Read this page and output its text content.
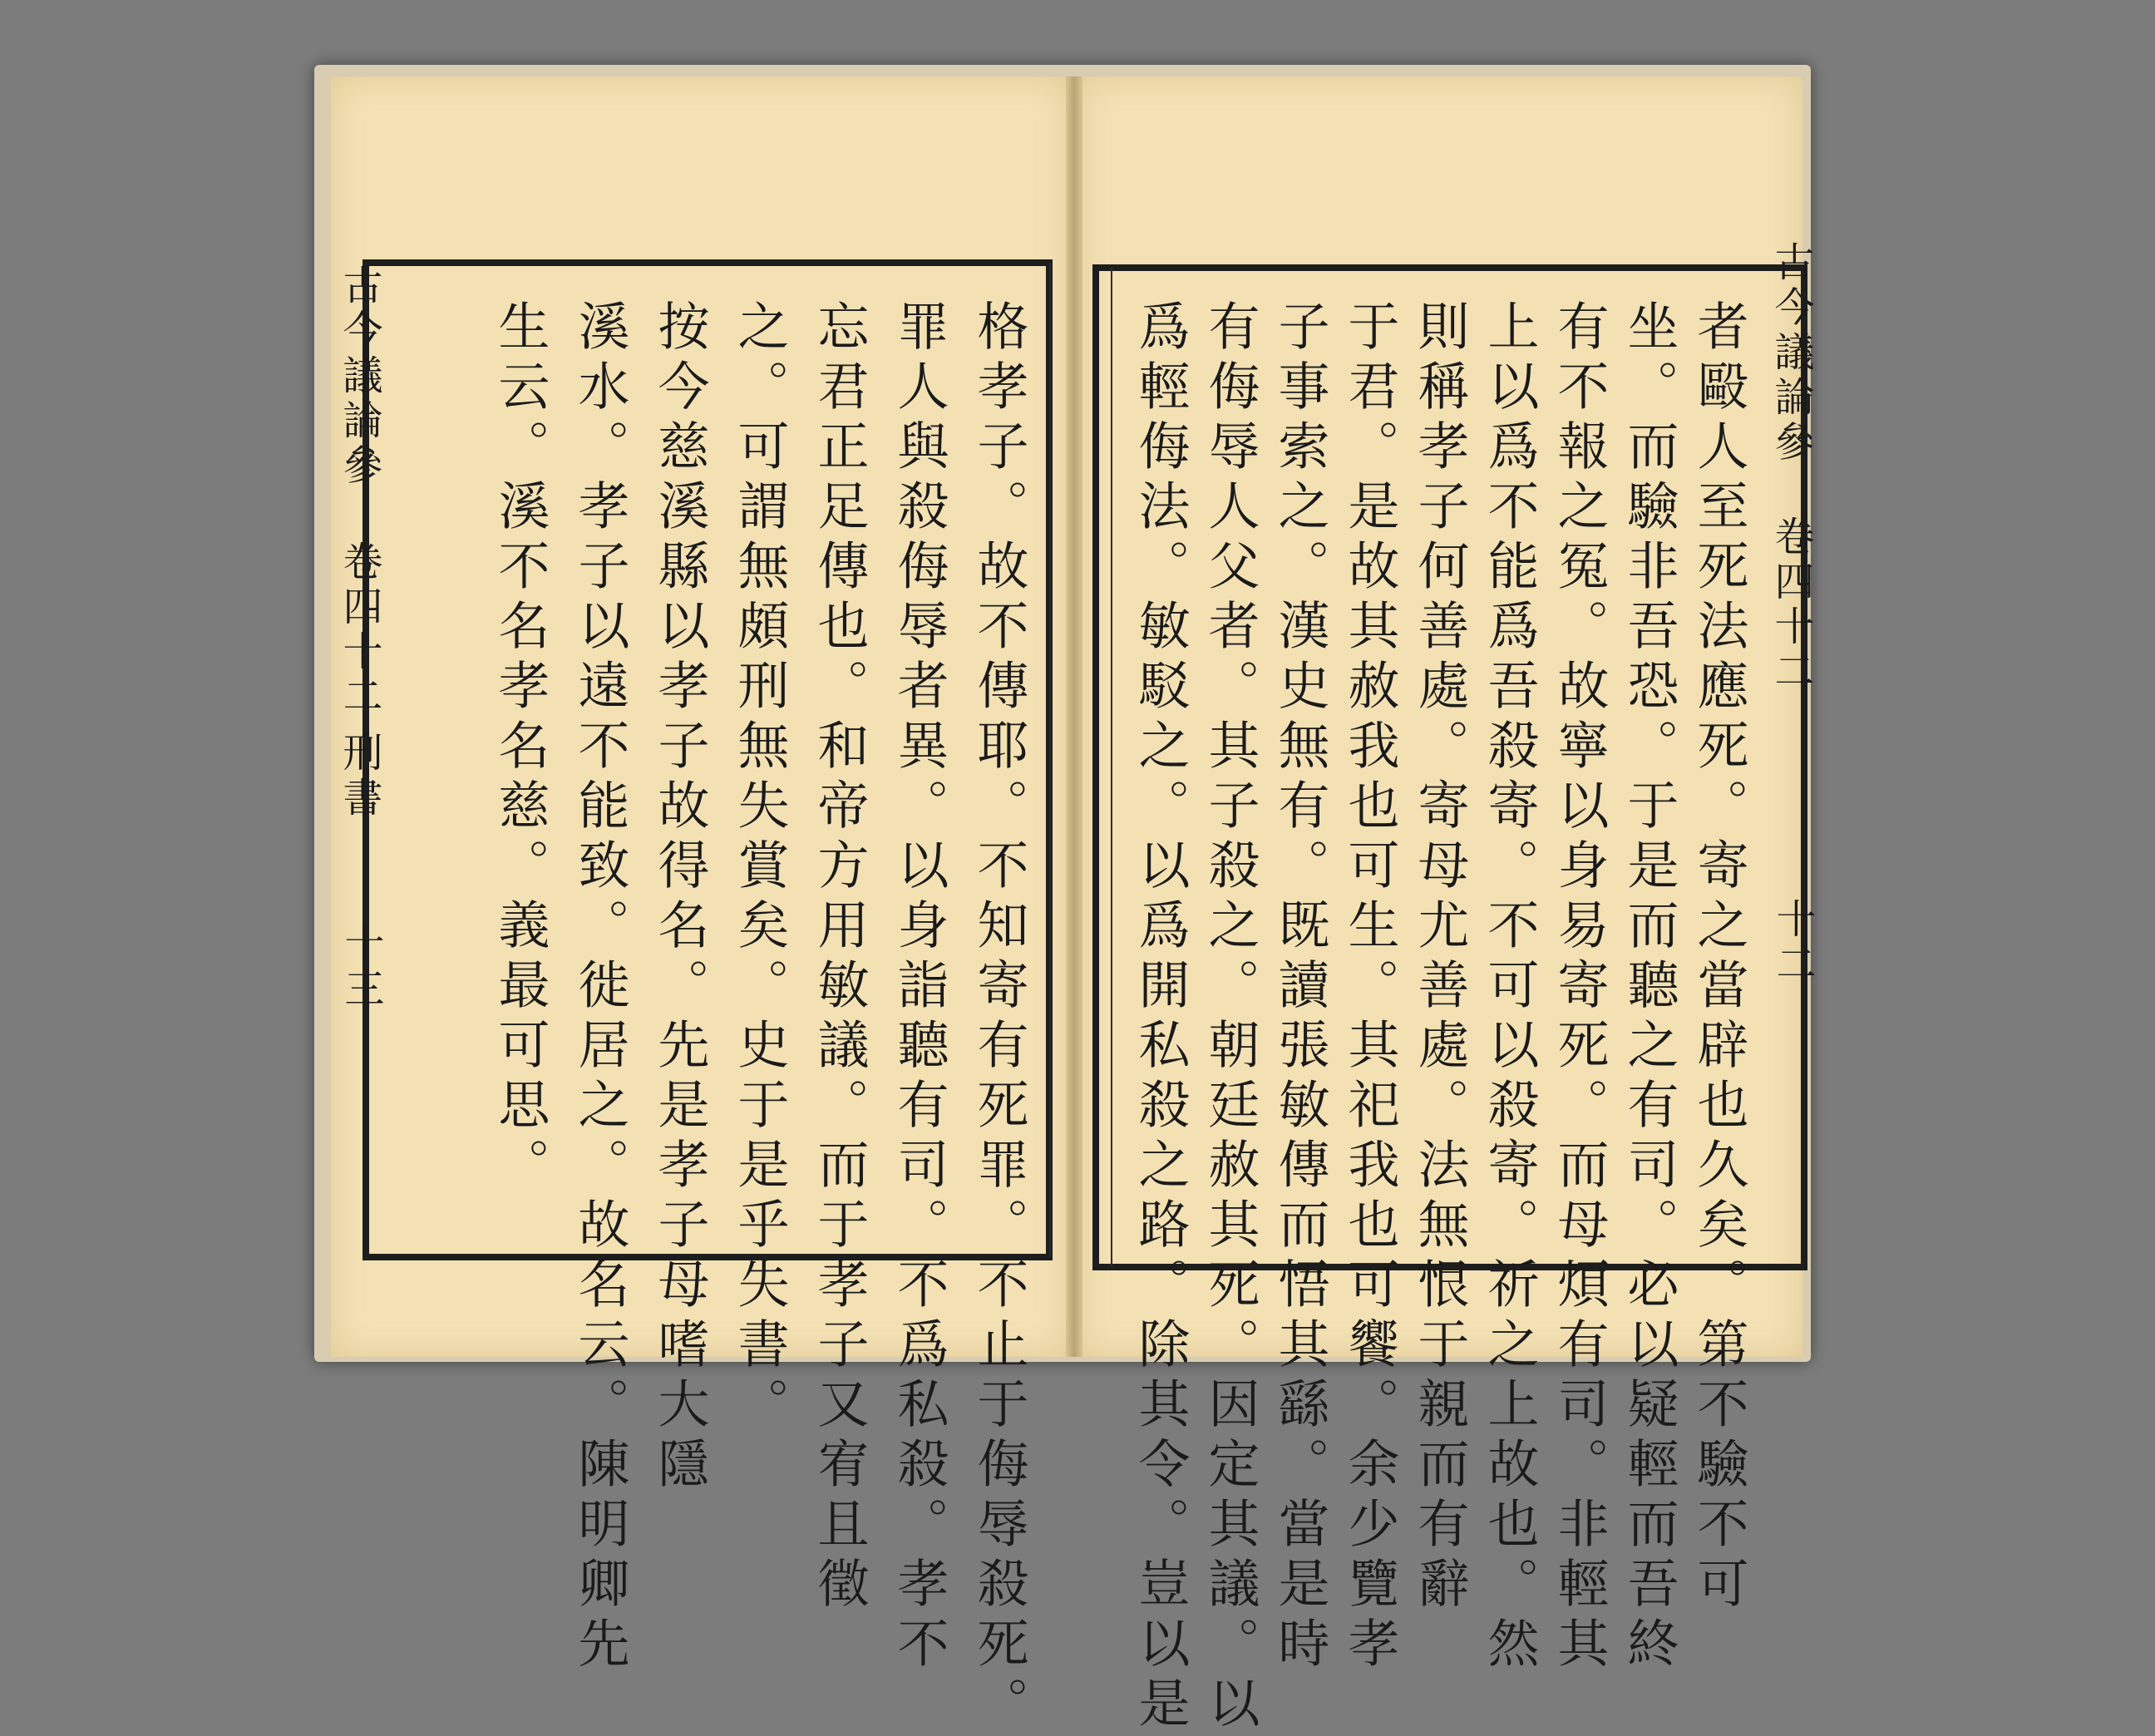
古今議論參
卷四十二
刑書
十三	格孝子。故不傳耶。不知寄有死罪。不止于侮辱殺死。
罪人與殺侮辱者異。以身詣聽有司。不爲私殺。孝不
忘君正足傳也。和帝方用敏議。而于孝子又宥且徵
之。可謂無頗刑無失賞矣。史于是乎失書。
按今慈溪縣以孝子故得名。先是孝子母嗜大隱
溪水。孝子以遠不能致。徙居之。故名云。陳明卿先
生云。溪不名孝名慈。義最可思。	古今議論參
卷四十二
十二
者毆人至死法應死。寄之當辟也久矣。第不驗不可
坐。而驗非吾恐。于是而聽之有司。必以疑輕而吾終
有不報之冤。故寧以身易寄死。而母煩有司。非輕其
上以爲不能爲吾殺寄。不可以殺寄。祈之上故也。然
則稱孝子何善處。寄母尤善處。法無恨于親而有辭
于君。是故其赦我也可生。其祀我也可饗。余少覽孝
子事索之。漢史無有。既讀張敏傳而悟其繇。當是時
有侮辱人父者。其子殺之。朝廷赦其死。因定其議。以
爲輕侮法。敏駁之。以爲開私殺之路。除其令。豈以是
